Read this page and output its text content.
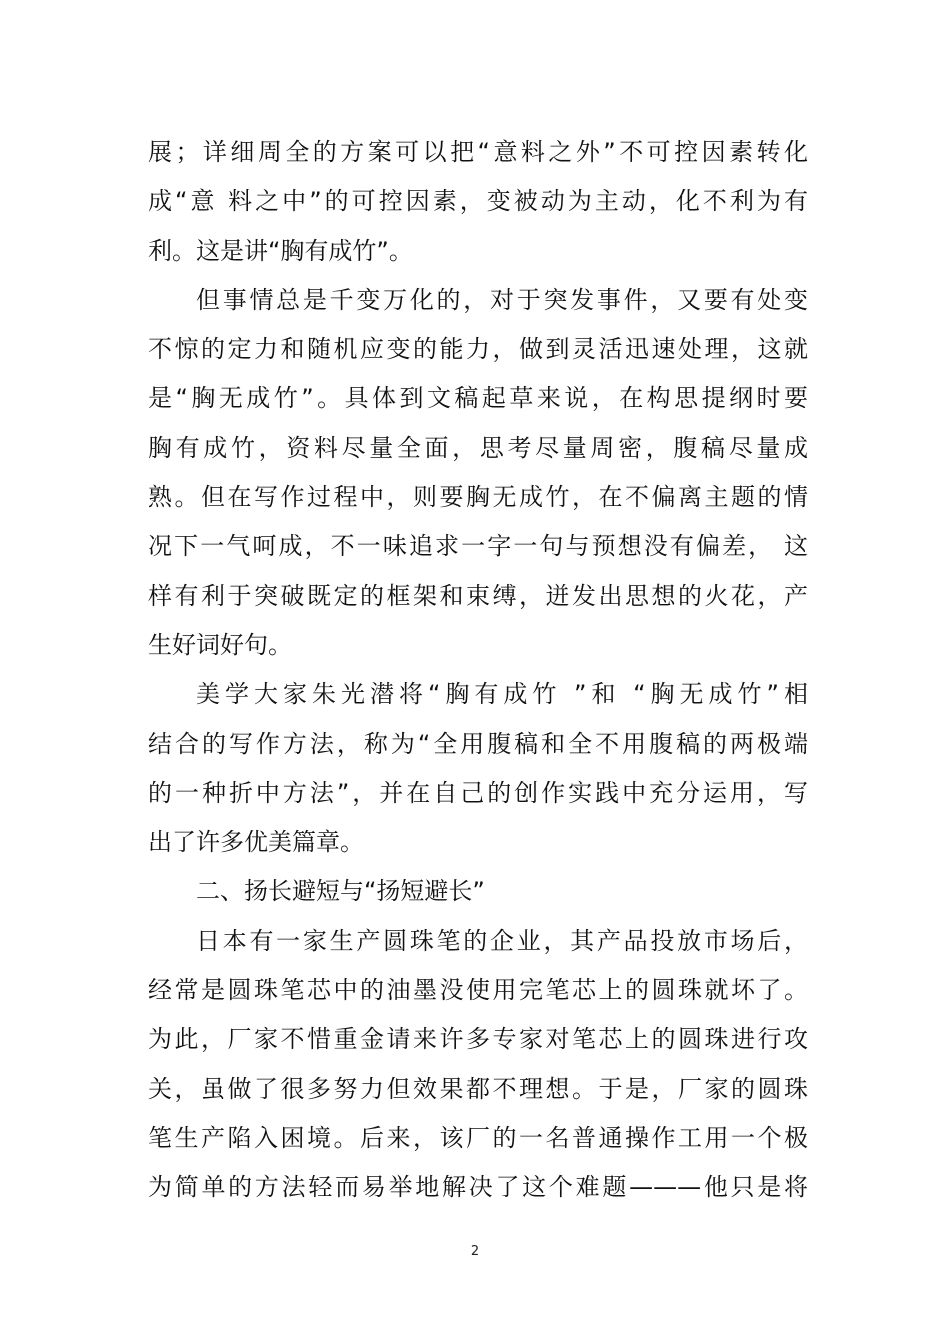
展；详细周全的方案可以把“意料之外”不可控因素转化
成“意 料之中”的可控因素，变被动为主动，化不利为有
利。这是讲“胸有成竹”。
但事情总是千变万化的，对于突发事件，又要有处变
不惊的定力和随机应变的能力，做到灵活迅速处理，这就
是“胸无成竹”。具体到文稿起草来说，在构思提纲时要
胸有成竹，资料尽量全面，思考尽量周密，腹稿尽量成
熟。但在写作过程中，则要胸无成竹，在不偏离主题的情
况下一气呵成，不一味追求一字一句与预想没有偏差， 这
样有利于突破既定的框架和束缚，迸发出思想的火花，产
生好词好句。
美学大家朱光潜将“胸有成竹 ”和 “胸无成竹”相
结合的写作方法，称为“全用腹稿和全不用腹稿的两极端
的一种折中方法”，并在自己的创作实践中充分运用，写
出了许多优美篇章。
二、扬长避短与“扬短避长”
日本有一家生产圆珠笔的企业，其产品投放市场后，
经常是圆珠笔芯中的油墨没使用完笔芯上的圆珠就坏了。
为此，厂家不惜重金请来许多专家对笔芯上的圆珠进行攻
关，虽做了很多努力但效果都不理想。于是，厂家的圆珠
笔生产陷入困境。后来，该厂的一名普通操作工用一个极
为简单的方法轻而易举地解决了这个难题———他只是将
2
